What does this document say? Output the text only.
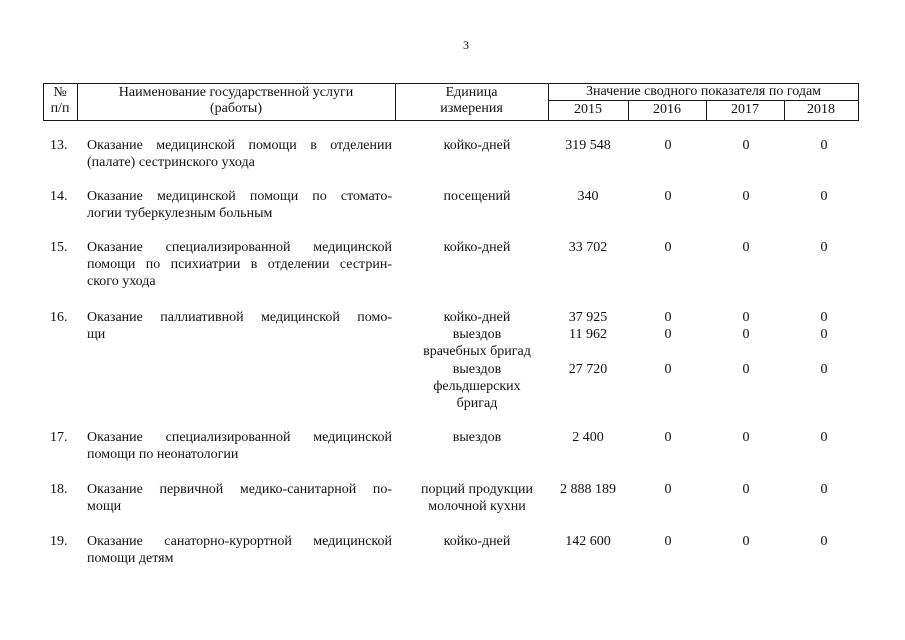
3
№
п/п
Наименование государственной услуги
(работы)
Единица
измерения
Значение сводного показателя по годам
2015	2016	2017	2018
13.	Оказание медицинской помощи в отделении
(палате) сестринского ухода
койко-дней	319 548	0	0	0
14.	Оказание медицинской помощи по стомато-
логии туберкулезным больным
посещений	340	0	0	0
15.	Оказание специализированной медицинской
помощи по психиатрии в отделении сестрин-
ского ухода
койко-дней	33 702	0	0	0
16.	Оказание паллиативной медицинской помо-
щи
койко-дней	37 925	0	0	0
выездов
врачебных бригад
11 962	0	0	0
выездов
фельдшерских
бригад
27 720	0	0	0
17.	Оказание специализированной медицинской
помощи по неонатологии
выездов	2 400	0	0	0
18.	Оказание первичной медико-санитарной по-
мощи
порций продукции
молочной кухни
2 888 189	0	0	0
19.	Оказание санаторно-курортной медицинской
помощи детям
койко-дней	142 600	0	0	0
